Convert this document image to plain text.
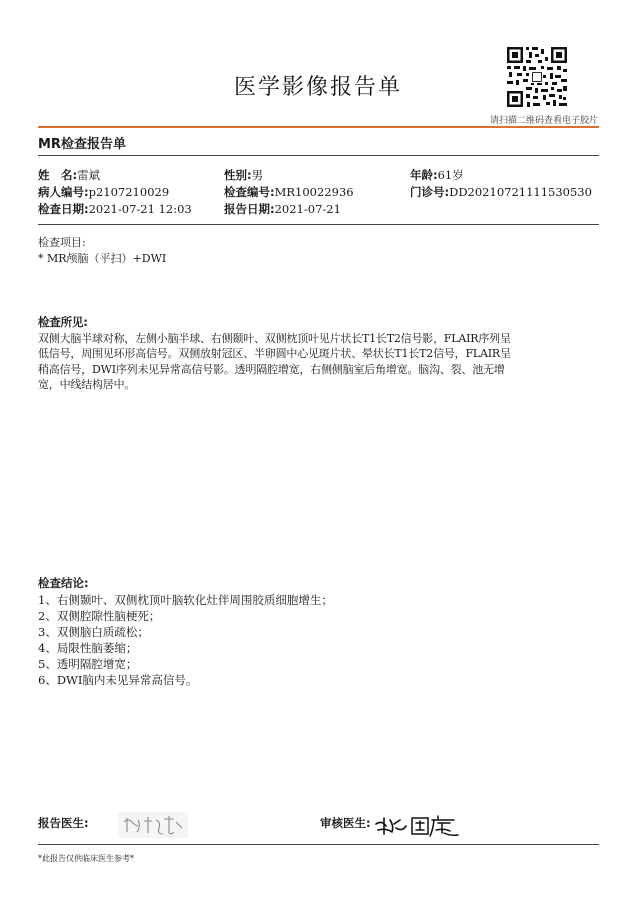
医学影像报告单
请扫描二维码查看电子胶片
MR检查报告单
姓　名:雷斌	性别:男	年龄:61岁
病人编号:p2107210029	检查编号:MR10022936	门诊号:DD20210721111530530
检查日期:2021-07-21 12:03	报告日期:2021-07-21
检查项目:
* MR颅脑（平扫）+DWI
检查所见:
双侧大脑半球对称，左侧小脑半球、右侧颞叶、双侧枕顶叶见片状长T1长T2信号影，FLAIR序列呈
低信号，周围见环形高信号。双侧放射冠区、半卵圆中心见斑片状、晕状长T1长T2信号，FLAIR呈
稍高信号，DWI序列未见异常高信号影。透明隔腔增宽，右侧侧脑室后角增宽。脑沟、裂、池无增
宽，中线结构居中。
检查结论:
1、右侧颞叶、双侧枕顶叶脑软化灶伴周围胶质细胞增生；
2、双侧腔隙性脑梗死；
3、双侧脑白质疏松；
4、局限性脑萎缩；
5、透明隔腔增宽；
6、DWI脑内未见异常高信号。
报告医生:	审核医生:
*此报告仅供临床医生参考*
